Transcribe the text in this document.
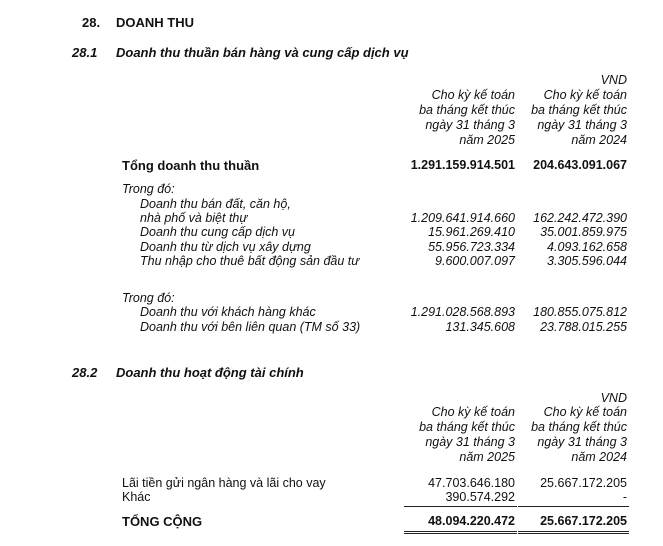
28. DOANH THU
28.1 Doanh thu thuần bán hàng và cung cấp dịch vụ
VND
Cho kỳ kế toán
ba tháng kết thúc
ngày 31 tháng 3
năm 2025
Cho kỳ kế toán
ba tháng kết thúc
ngày 31 tháng 3
năm 2024
Tổng doanh thu thuần	1.291.159.914.501 204.643.091.067
Trong đó:
Doanh thu bán đất, căn hộ,
nhà phố và biệt thự	1.209.641.914.660 162.242.472.390
Doanh thu cung cấp dịch vụ	15.961.269.410 35.001.859.975
Doanh thu từ dịch vụ xây dựng	55.956.723.334	4.093.162.658
Thu nhập cho thuê bất động sản đầu tư	9.600.007.097	3.305.596.044
Trong đó:
Doanh thu với khách hàng khác	1.291.028.568.893 180.855.075.812
Doanh thu với bên liên quan (TM số 33)	131.345.608 23.788.015.255
28.2 Doanh thu hoạt động tài chính
VND
Cho kỳ kế toán
ba tháng kết thúc
ngày 31 tháng 3
năm 2025
Cho kỳ kế toán
ba tháng kết thúc
ngày 31 tháng 3
năm 2024
Lãi tiền gửi ngân hàng và lãi cho vay	47.703.646.180 25.667.172.205
Khác	390.574.292	-
TỔNG CỘNG	48.094.220.472 25.667.172.205
